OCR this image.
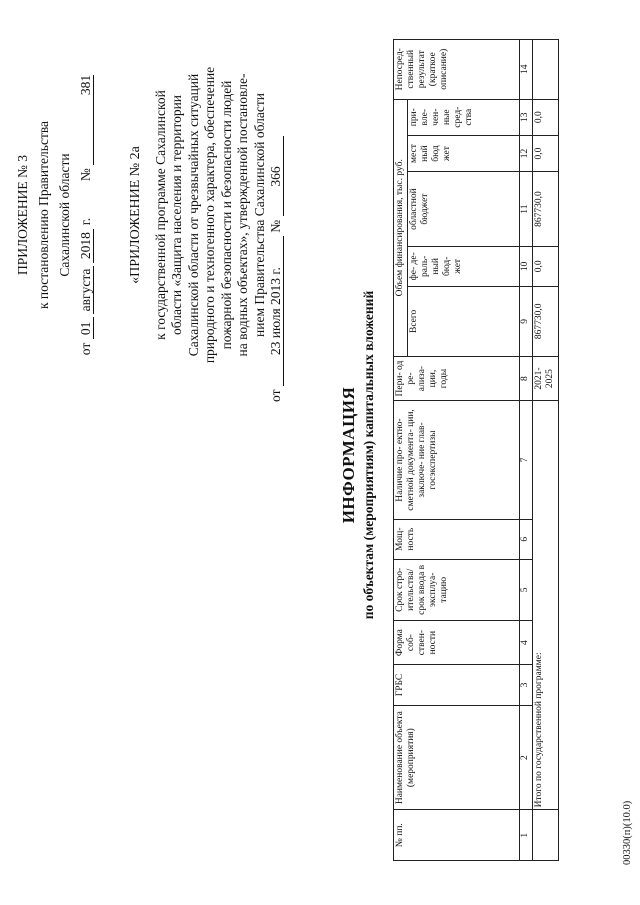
ПРИЛОЖЕНИЕ № 3 к постановлению Правительства Сахалинской области
от 01 августа 2018 г.  № 381
«ПРИЛОЖЕНИЕ № 2а к государственной программе Сахалинской области «Защита населения и территории Сахалинской области от чрезвычайных ситуаций природного и техногенного характера, обеспечение пожарной безопасности и безопасности людей на водных объектах», утвержденной постановле- нием Правительства Сахалинской области
от 23 июля 2013 г. № 366
ИНФОРМАЦИЯ по объектам (мероприятиям) капитальных вложений
№ пп.	Наименование объекта (мероприятия)	ГРБС	Форма соб- ствен- ности	Срок стро- ительства/ срок ввода в эксплуа- тацию	Мощ- ность	Наличие про- ектно-сметной документа- ции, заключе- ние глав- госэкспертизы	Пери- од ре- ализа- ции, годы	Объем финансирования, тыс. руб.					Непосред- ственный результат (краткое описание)
								Всего	фе- де- раль- ный бюд- жет	областной бюджет	мест ный бюд жет	при- вле- чен- ные сред- ства	
1	2	3	4	5	6	7	8	9	10	11	12	13	14
	Итого по государственной программе:						2021-2025	867730,0	0,0	867730,0	0,0	0,0	
00330(п)(10.0)
